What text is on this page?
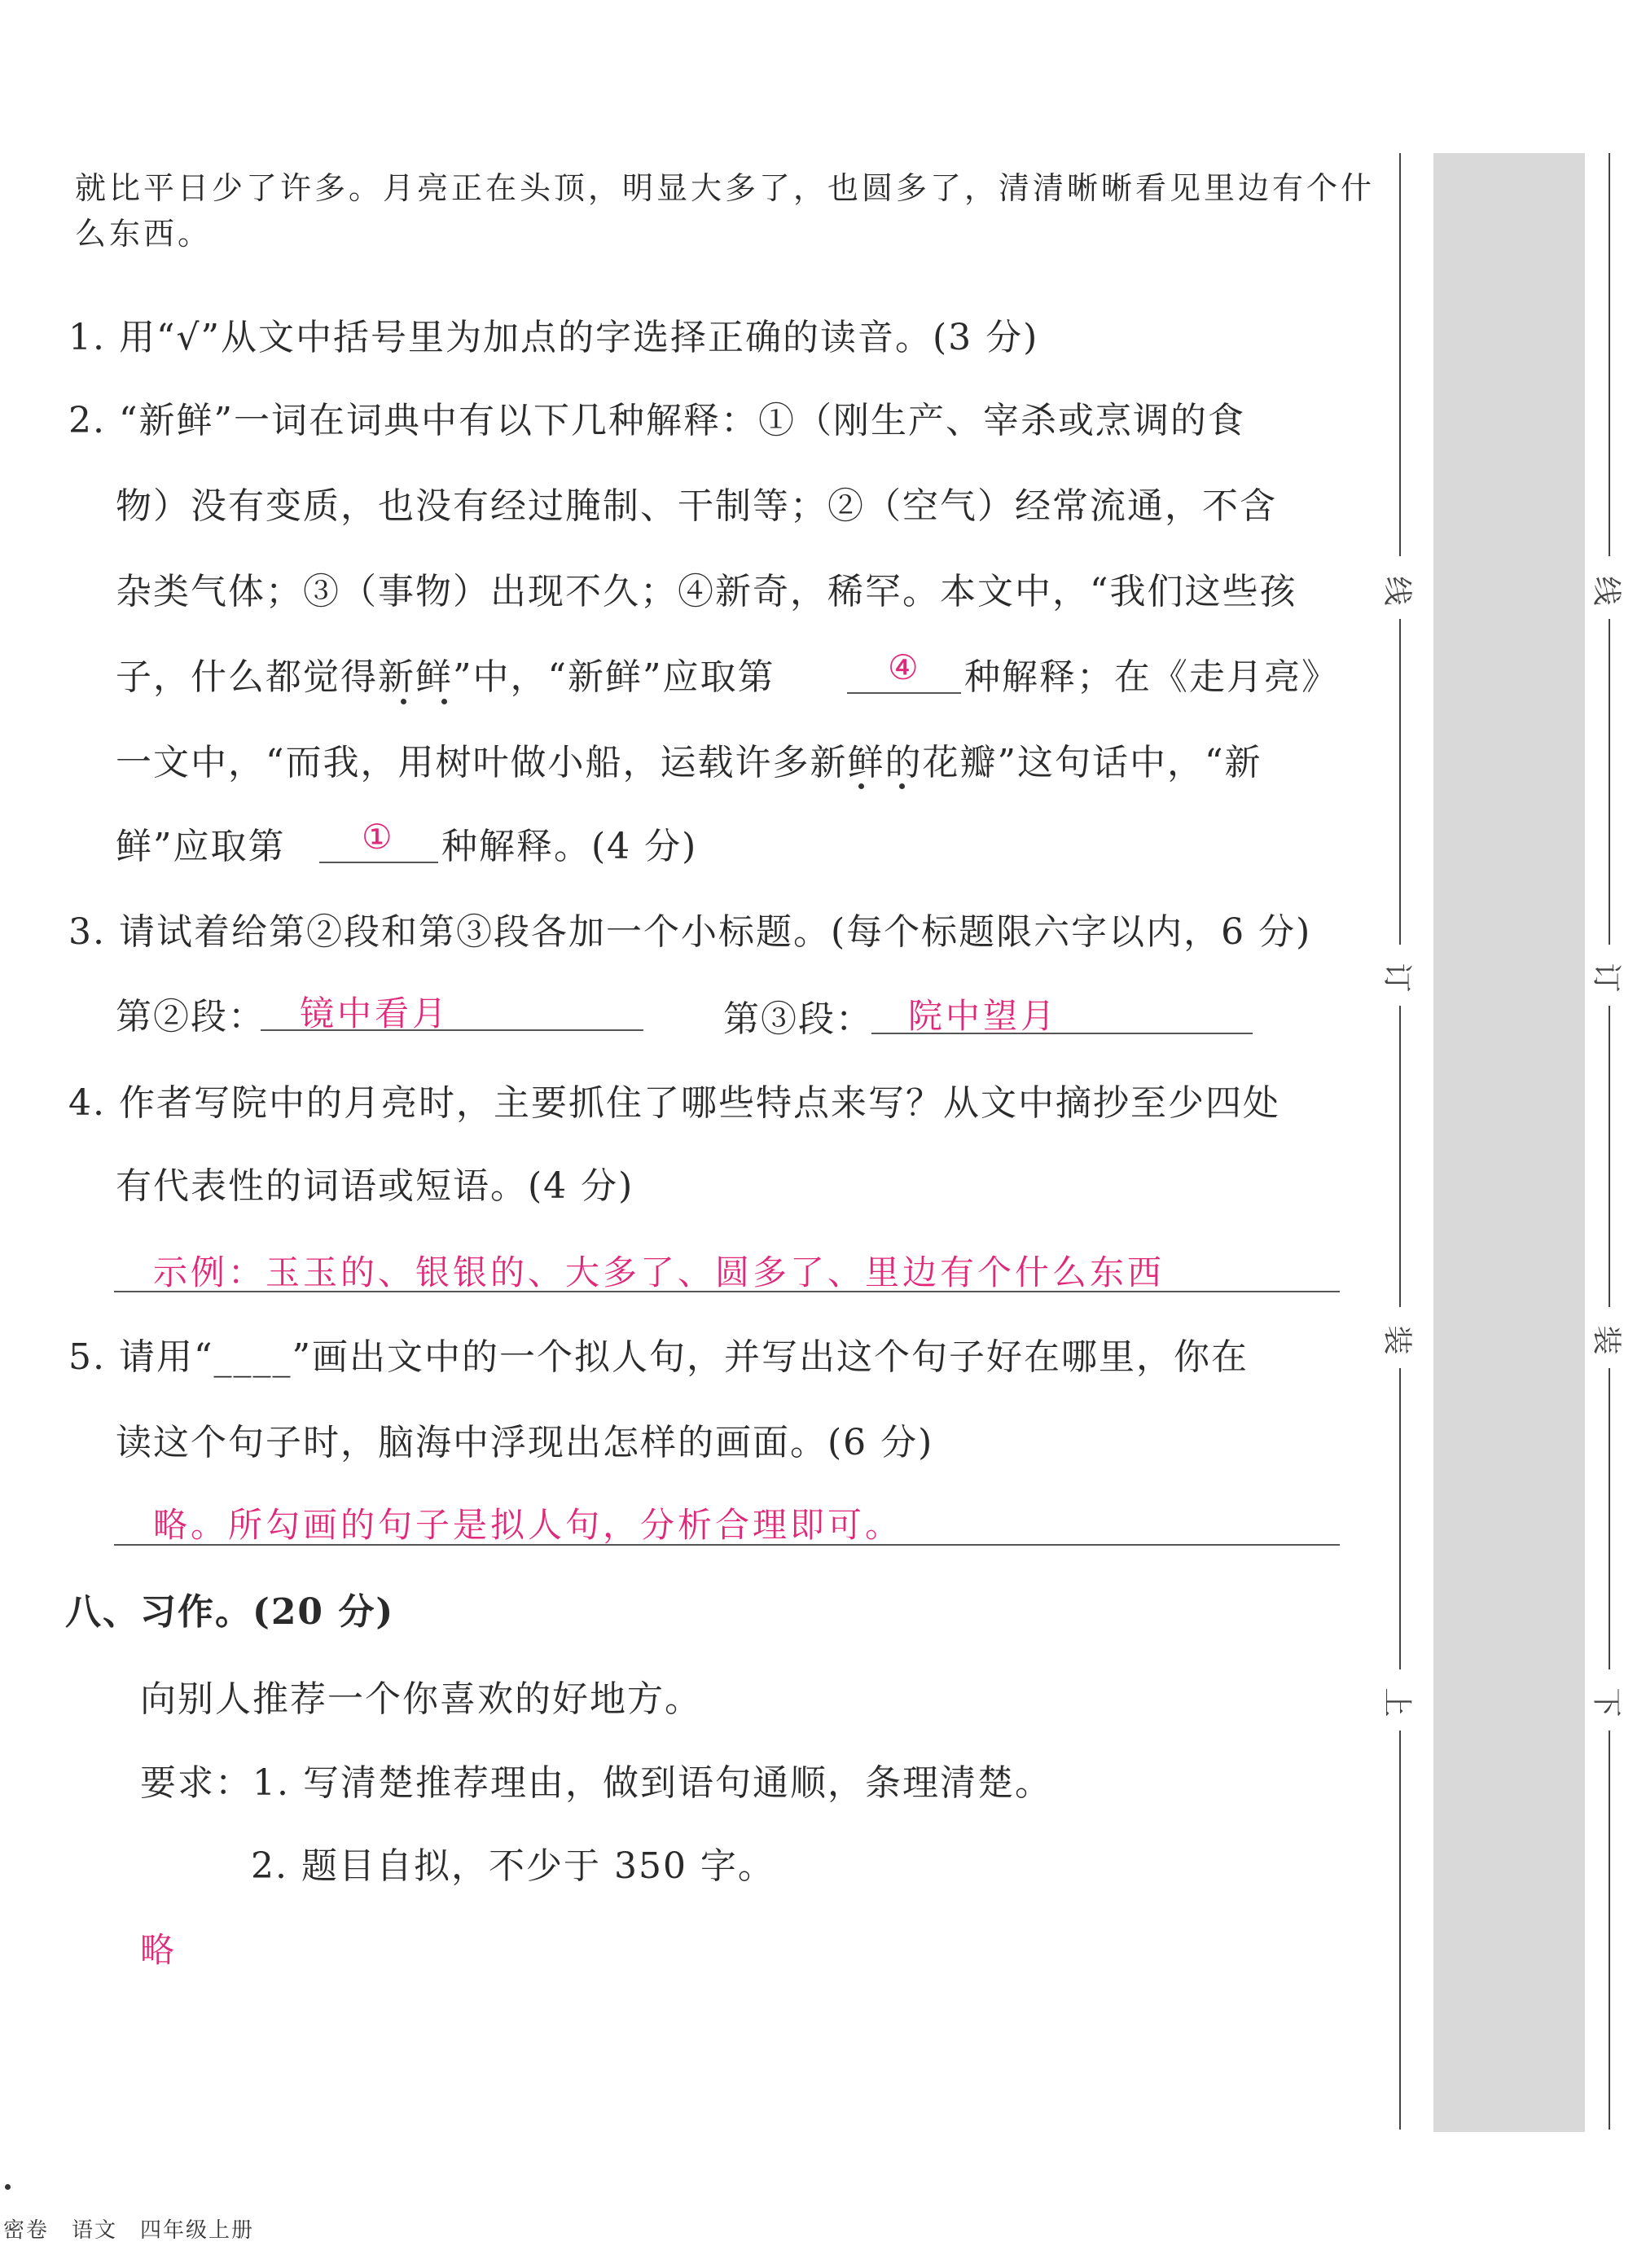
就比平日少了许多。月亮正在头顶，明显大多了，也圆多了，清清晰晰看见里边有个什
么东西。
1. 用“√”从文中括号里为加点的字选择正确的读音。(3 分)
2. “新鲜”一词在词典中有以下几种解释：①（刚生产、宰杀或烹调的食
物）没有变质，也没有经过腌制、干制等；②（空气）经常流通，不含
杂类气体；③（事物）出现不久；④新奇，稀罕。本文中，“我们这些孩
子，什么都觉得新鲜”中，“新鲜”应取第	④ 种解释；在《走月亮》
一文中，“而我，用树叶做小船，运载许多新鲜的花瓣”这句话中，“新
鲜”应取第 ① 种解释。(4 分)
3. 请试着给第②段和第③段各加一个小标题。(每个标题限六字以内，6 分)
第②段： 镜中看月	第③段： 院中望月
4. 作者写院中的月亮时，主要抓住了哪些特点来写？从文中摘抄至少四处
有代表性的词语或短语。(4 分)
示例：玉玉的、银银的、大多了、圆多了、里边有个什么东西
5. 请用“____”画出文中的一个拟人句，并写出这个句子好在哪里，你在
读这个句子时，脑海中浮现出怎样的画面。(6 分)
略。所勾画的句子是拟人句，分析合理即可。
八、习作。(20 分)
向别人推荐一个你喜欢的好地方。
要求：1. 写清楚推荐理由，做到语句通顺，条理清楚。
2. 题目自拟，不少于 350 字。
略
线
订
装
上
线
订
装
下
密卷　语文　四年级上册
